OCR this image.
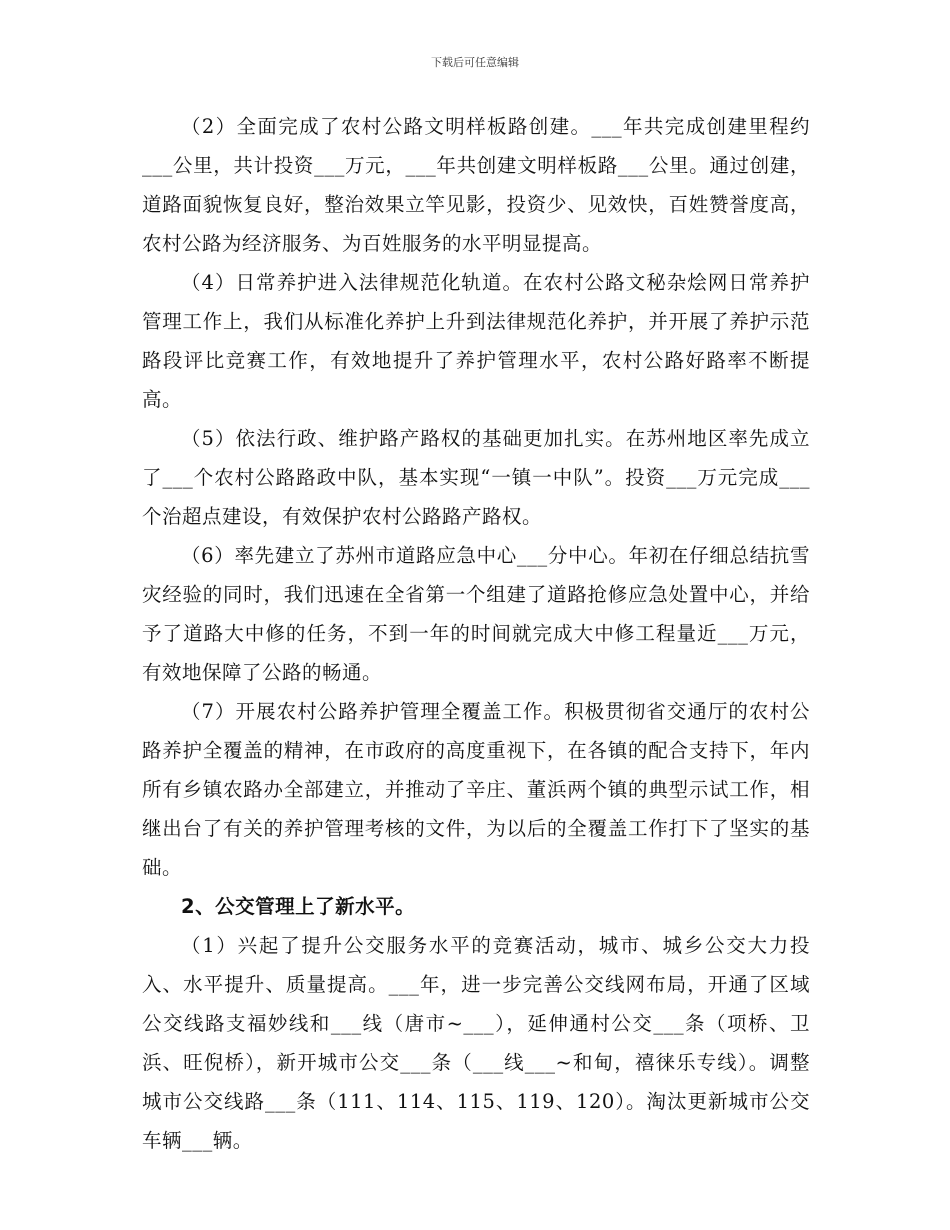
下载后可任意编辑

（2）全面完成了农村公路文明样板路创建。___年共完成创建里程约___公里，共计投资___万元，___年共创建文明样板路___公里。通过创建，道路面貌恢复良好，整治效果立竿见影，投资少、见效快，百姓赞誉度高，农村公路为经济服务、为百姓服务的水平明显提高。

（4）日常养护进入法律规范化轨道。在农村公路文秘杂烩网日常养护管理工作上，我们从标准化养护上升到法律规范化养护，并开展了养护示范路段评比竞赛工作，有效地提升了养护管理水平，农村公路好路率不断提高。

（5）依法行政、维护路产路权的基础更加扎实。在苏州地区率先成立了___个农村公路路政中队，基本实现“一镇一中队”。投资___万元完成___个治超点建设，有效保护农村公路路产路权。

（6）率先建立了苏州市道路应急中心___分中心。年初在仔细总结抗雪灾经验的同时，我们迅速在全省第一个组建了道路抢修应急处置中心，并给予了道路大中修的任务，不到一年的时间就完成大中修工程量近___万元，有效地保障了公路的畅通。

（7）开展农村公路养护管理全覆盖工作。积极贯彻省交通厅的农村公路养护全覆盖的精神，在市政府的高度重视下，在各镇的配合支持下，年内所有乡镇农路办全部建立，并推动了辛庄、董浜两个镇的典型示试工作，相继出台了有关的养护管理考核的文件，为以后的全覆盖工作打下了坚实的基础。

2、公交管理上了新水平。

（1）兴起了提升公交服务水平的竞赛活动，城市、城乡公交大力投入、水平提升、质量提高。___年，进一步完善公交线网布局，开通了区域公交线路支福妙线和___线（唐市~___），延伸通村公交___条（项桥、卫浜、旺倪桥），新开城市公交___条（___线___~和甸，禧徕乐专线）。调整城市公交线路___条（111、114、115、119、120）。淘汰更新城市公交车辆___辆。
